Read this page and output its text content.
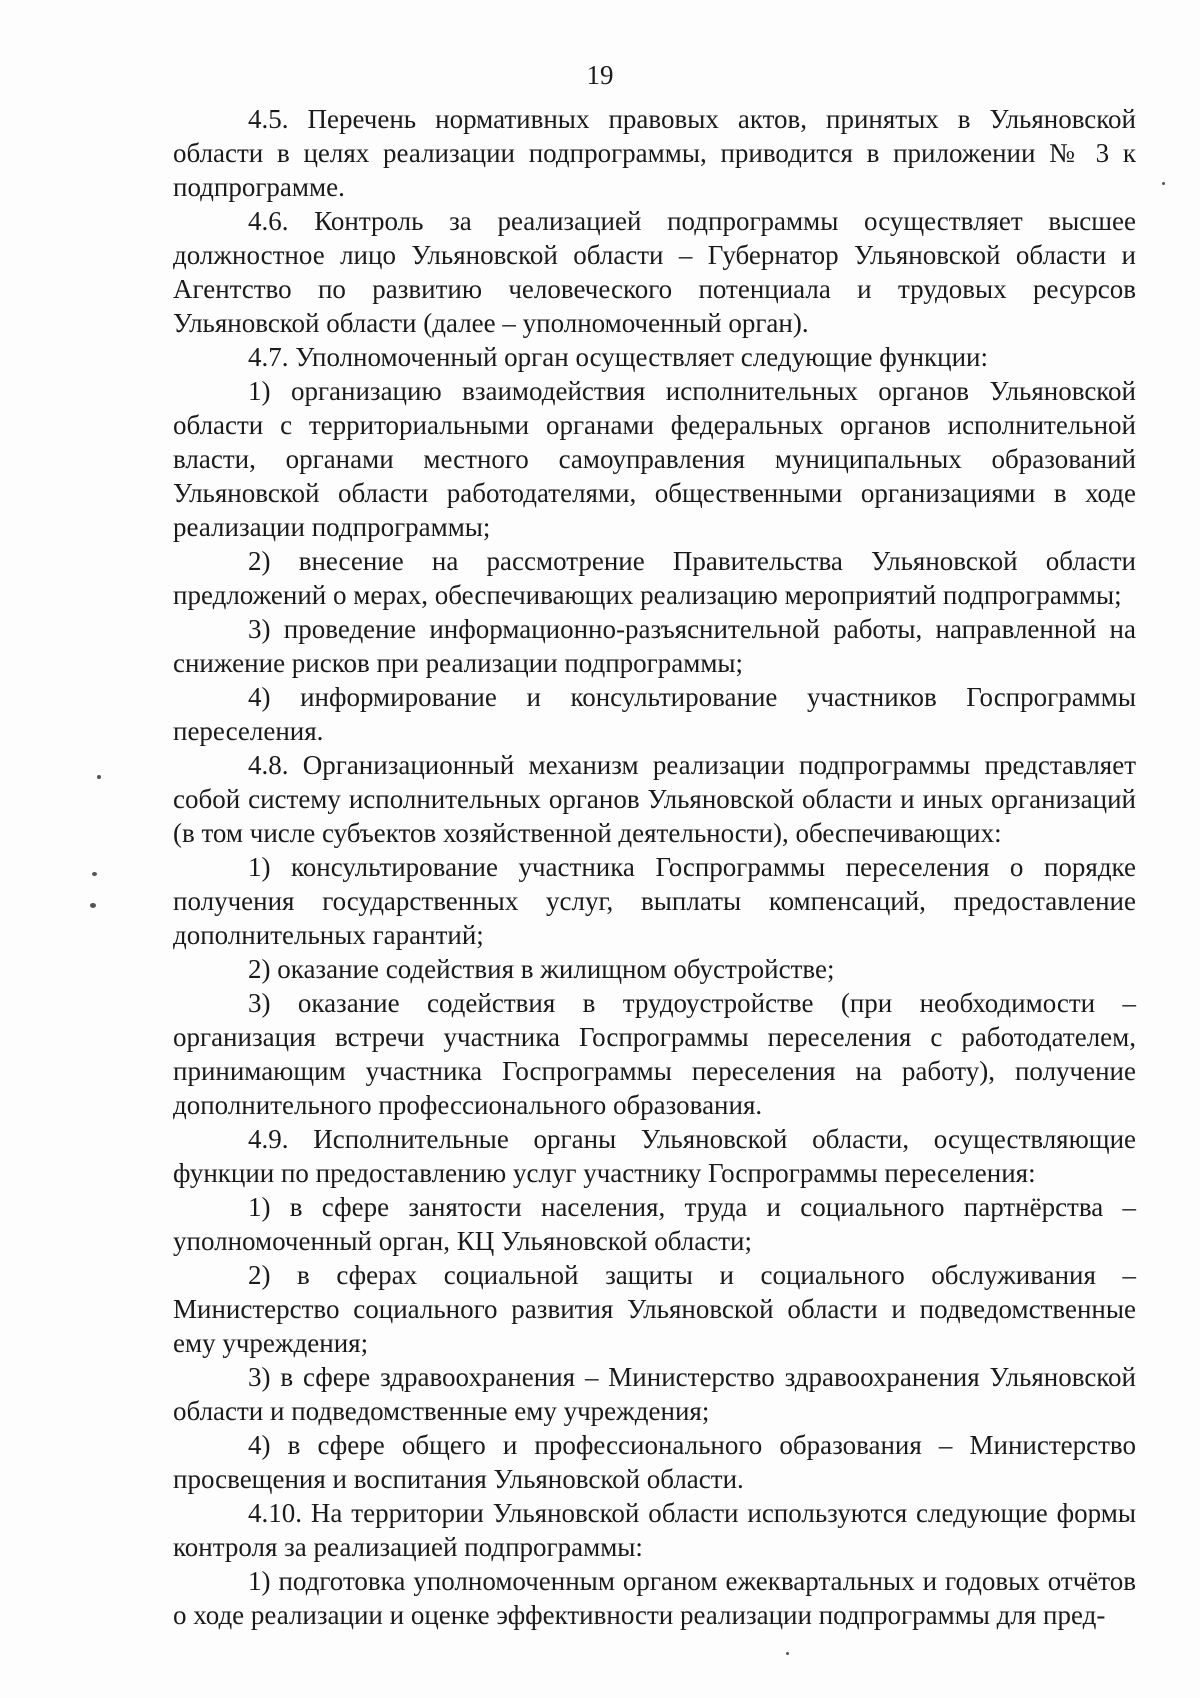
19

4.5. Перечень нормативных правовых актов, принятых в Ульяновской области в целях реализации подпрограммы, приводится в приложении № 3 к подпрограмме.

4.6. Контроль за реализацией подпрограммы осуществляет высшее должностное лицо Ульяновской области – Губернатор Ульяновской области и Агентство по развитию человеческого потенциала и трудовых ресурсов Ульяновской области (далее – уполномоченный орган).

4.7. Уполномоченный орган осуществляет следующие функции:

1) организацию взаимодействия исполнительных органов Ульяновской области с территориальными органами федеральных органов исполнительной власти, органами местного самоуправления муниципальных образований Ульяновской области работодателями, общественными организациями в ходе реализации подпрограммы;

2) внесение на рассмотрение Правительства Ульяновской области предложений о мерах, обеспечивающих реализацию мероприятий подпрограммы;

3) проведение информационно-разъяснительной работы, направленной на снижение рисков при реализации подпрограммы;

4) информирование и консультирование участников Госпрограммы переселения.

4.8. Организационный механизм реализации подпрограммы представляет собой систему исполнительных органов Ульяновской области и иных организаций (в том числе субъектов хозяйственной деятельности), обеспечивающих:

1) консультирование участника Госпрограммы переселения о порядке получения государственных услуг, выплаты компенсаций, предоставление дополнительных гарантий;

2) оказание содействия в жилищном обустройстве;

3) оказание содействия в трудоустройстве (при необходимости – организация встречи участника Госпрограммы переселения с работодателем, принимающим участника Госпрограммы переселения на работу), получение дополнительного профессионального образования.

4.9. Исполнительные органы Ульяновской области, осуществляющие функции по предоставлению услуг участнику Госпрограммы переселения:

1) в сфере занятости населения, труда и социального партнёрства – уполномоченный орган, КЦ Ульяновской области;

2) в сферах социальной защиты и социального обслуживания – Министерство социального развития Ульяновской области и подведомственные ему учреждения;

3) в сфере здравоохранения – Министерство здравоохранения Ульяновской области и подведомственные ему учреждения;

4) в сфере общего и профессионального образования – Министерство просвещения и воспитания Ульяновской области.

4.10. На территории Ульяновской области используются следующие формы контроля за реализацией подпрограммы:

1) подготовка уполномоченным органом ежеквартальных и годовых отчётов о ходе реализации и оценке эффективности реализации подпрограммы для пред-
